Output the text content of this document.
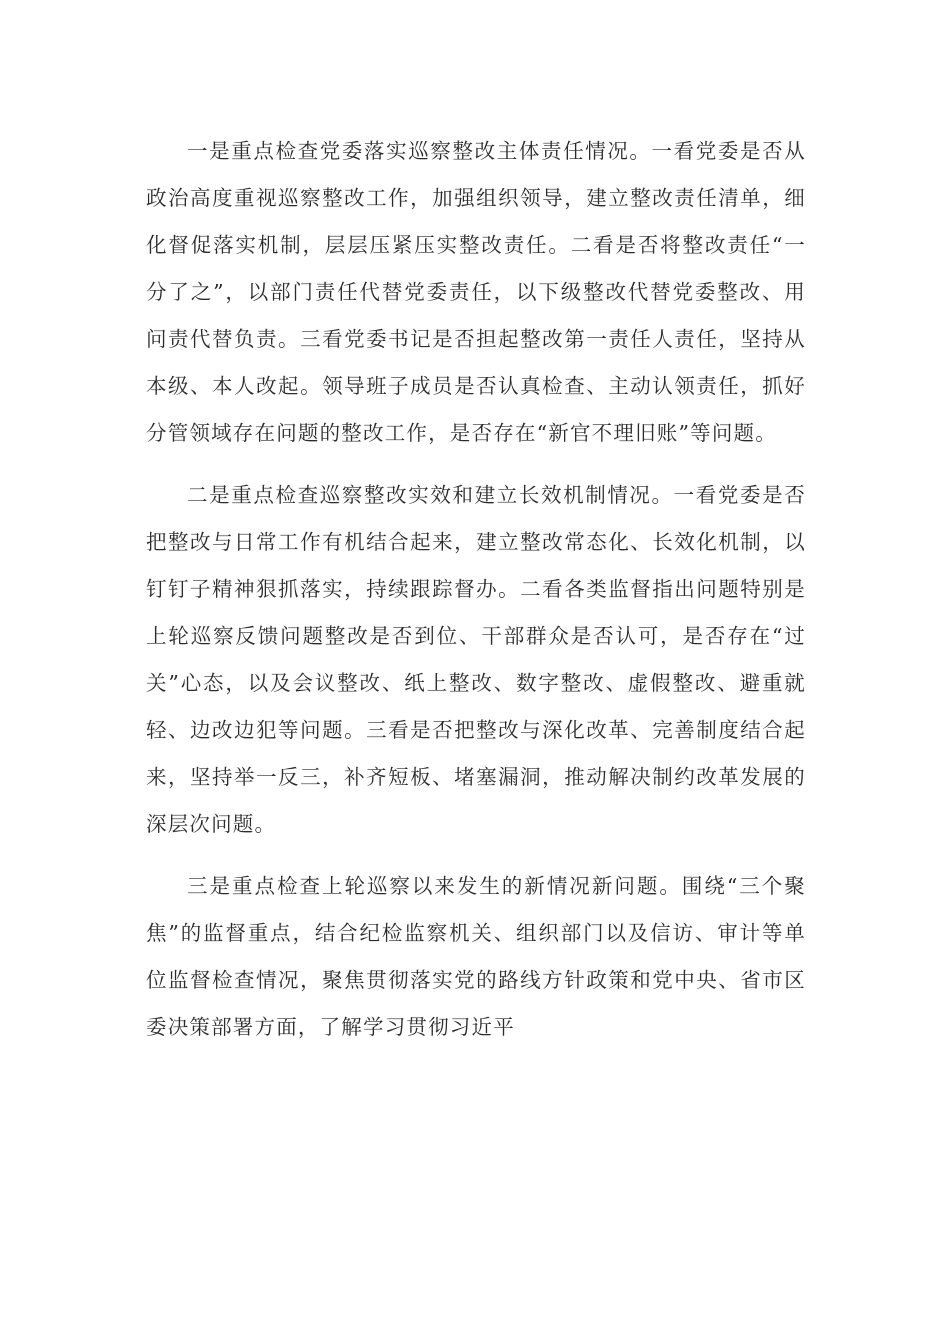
一是重点检查党委落实巡察整改主体责任情况。一看党委是否从政治高度重视巡察整改工作，加强组织领导，建立整改责任清单，细化督促落实机制，层层压紧压实整改责任。二看是否将整改责任“一分了之”，以部门责任代替党委责任，以下级整改代替党委整改、用问责代替负责。三看党委书记是否担起整改第一责任人责任，坚持从本级、本人改起。领导班子成员是否认真检查、主动认领责任，抓好分管领域存在问题的整改工作，是否存在“新官不理旧账”等问题。

二是重点检查巡察整改实效和建立长效机制情况。一看党委是否把整改与日常工作有机结合起来，建立整改常态化、长效化机制，以钉钉子精神狠抓落实，持续跟踪督办。二看各类监督指出问题特别是上轮巡察反馈问题整改是否到位、干部群众是否认可，是否存在“过关”心态，以及会议整改、纸上整改、数字整改、虚假整改、避重就轻、边改边犯等问题。三看是否把整改与深化改革、完善制度结合起来，坚持举一反三，补齐短板、堵塞漏洞，推动解决制约改革发展的深层次问题。

三是重点检查上轮巡察以来发生的新情况新问题。围绕“三个聚焦”的监督重点，结合纪检监察机关、组织部门以及信访、审计等单位监督检查情况，聚焦贯彻落实党的路线方针政策和党中央、省市区委决策部署方面，了解学习贯彻习近平
